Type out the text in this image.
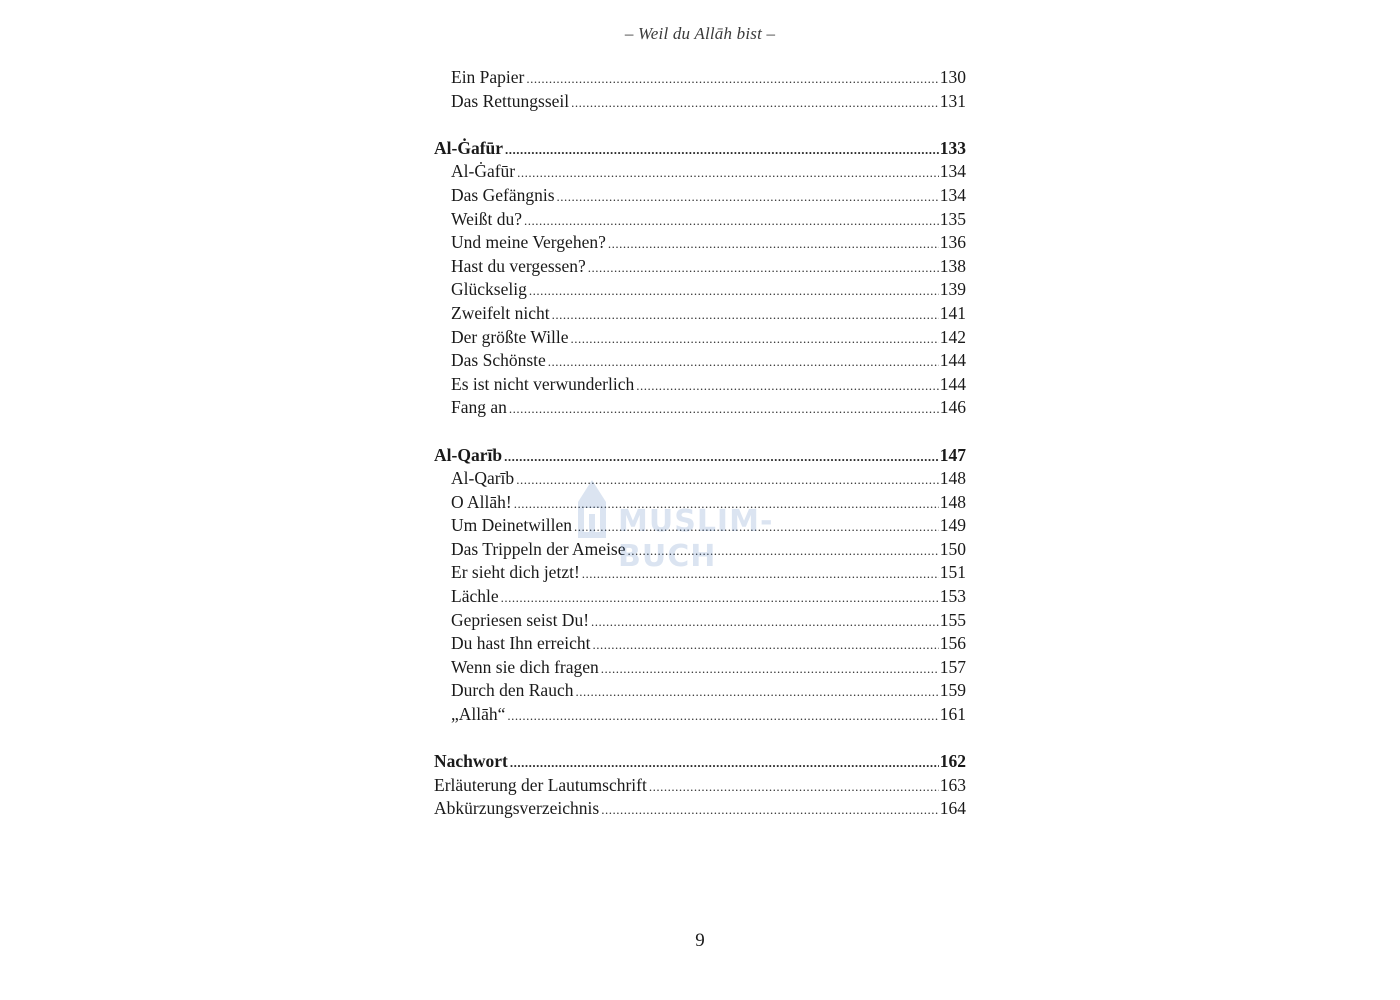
– Weil du Allāh bist –
Ein Papier .....	130
Das Rettungsseil .....	131
Al-Ġafūr .....	133
Al-Ġafūr .....	134
Das Gefängnis .....	134
Weißt du? .....	135
Und meine Vergehen? .....	136
Hast du vergessen? .....	138
Glückselig .....	139
Zweifelt nicht .....	141
Der größte Wille .....	142
Das Schönste .....	144
Es ist nicht verwunderlich .....	144
Fang an .....	146
Al-Qarīb .....	147
Al-Qarīb .....	148
O Allāh! .....	148
Um Deinetwillen .....	149
Das Trippeln der Ameise .....	150
Er sieht dich jetzt! .....	151
Lächle .....	153
Gepriesen seist Du! .....	155
Du hast Ihn erreicht .....	156
Wenn sie dich fragen .....	157
Durch den Rauch .....	159
„Allāh“ .....	161
Nachwort .....	162
Erläuterung der Lautumschrift .....	163
Abkürzungsverzeichnis .....	164
MUSLIM-BUCH
9
